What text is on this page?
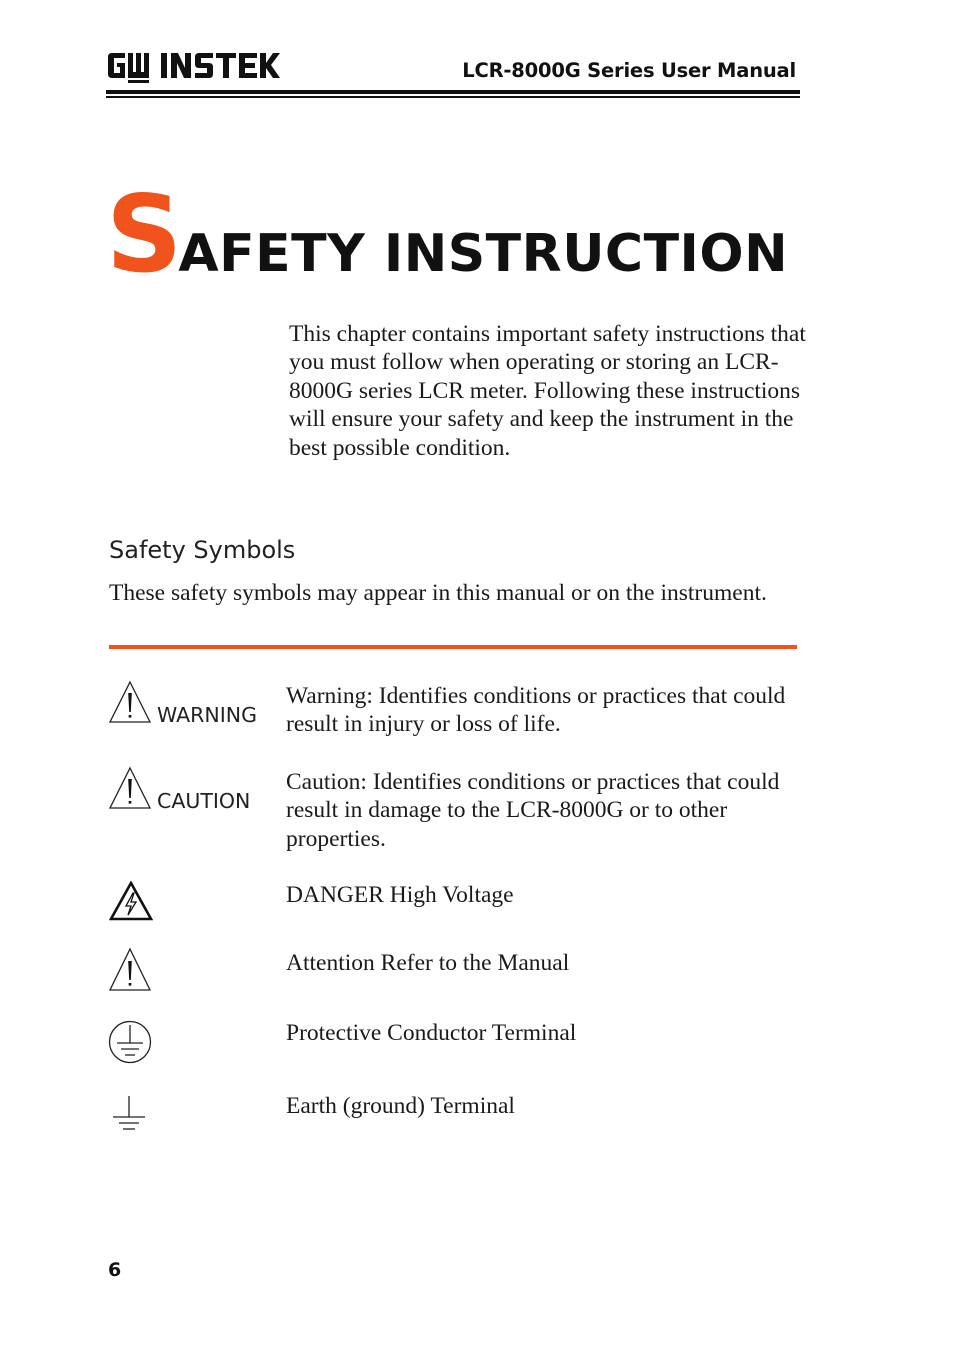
LCR-8000G Series User Manual
SAFETY INSTRUCTION
This chapter contains important safety instructions that you must follow when operating or storing an LCR-8000G series LCR meter. Following these instructions will ensure your safety and keep the instrument in the best possible condition.
Safety Symbols
These safety symbols may appear in this manual or on the instrument.
WARNING
Warning: Identifies conditions or practices that could result in injury or loss of life.
CAUTION
Caution: Identifies conditions or practices that could result in damage to the LCR-8000G or to other properties.
DANGER High Voltage
Attention Refer to the Manual
Protective Conductor Terminal
Earth (ground) Terminal
6
